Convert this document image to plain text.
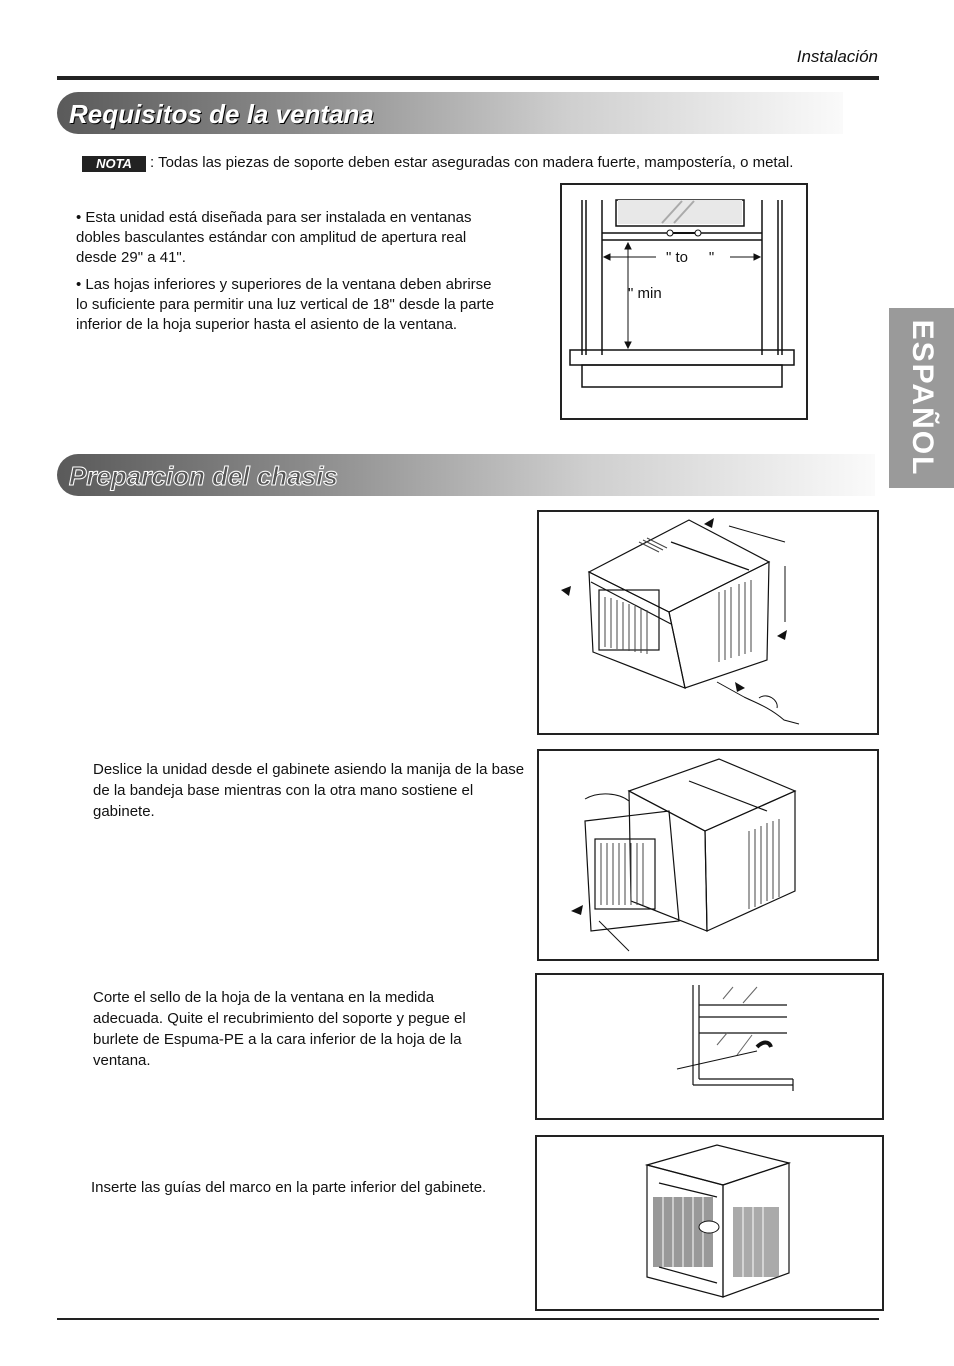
Instalación
ESPAÑOL
Requisitos de la ventana
NOTA	: Todas las piezas de soporte deben estar aseguradas con madera fuerte, mampostería, o metal.
• Esta unidad está diseñada para ser instalada en ventanas dobles basculantes estándar con amplitud de apertura real desde 29" a 41".
• Las hojas inferiores y superiores de la ventana deben abrirse lo suficiente para permitir una luz vertical de 18" desde la parte inferior de la hoja superior hasta el asiento de la ventana.
" to     "
" min
Preparcion del chasis
Deslice la unidad desde el gabinete asiendo la manija de la base de la bandeja base mientras con la otra mano sostiene el gabinete.
Corte el sello de la hoja de la ventana en la medida adecuada. Quite el recubrimiento del soporte y pegue el burlete de Espuma-PE a la cara inferior de la hoja de la ventana.
Inserte las guías del marco en la parte inferior del gabinete.
